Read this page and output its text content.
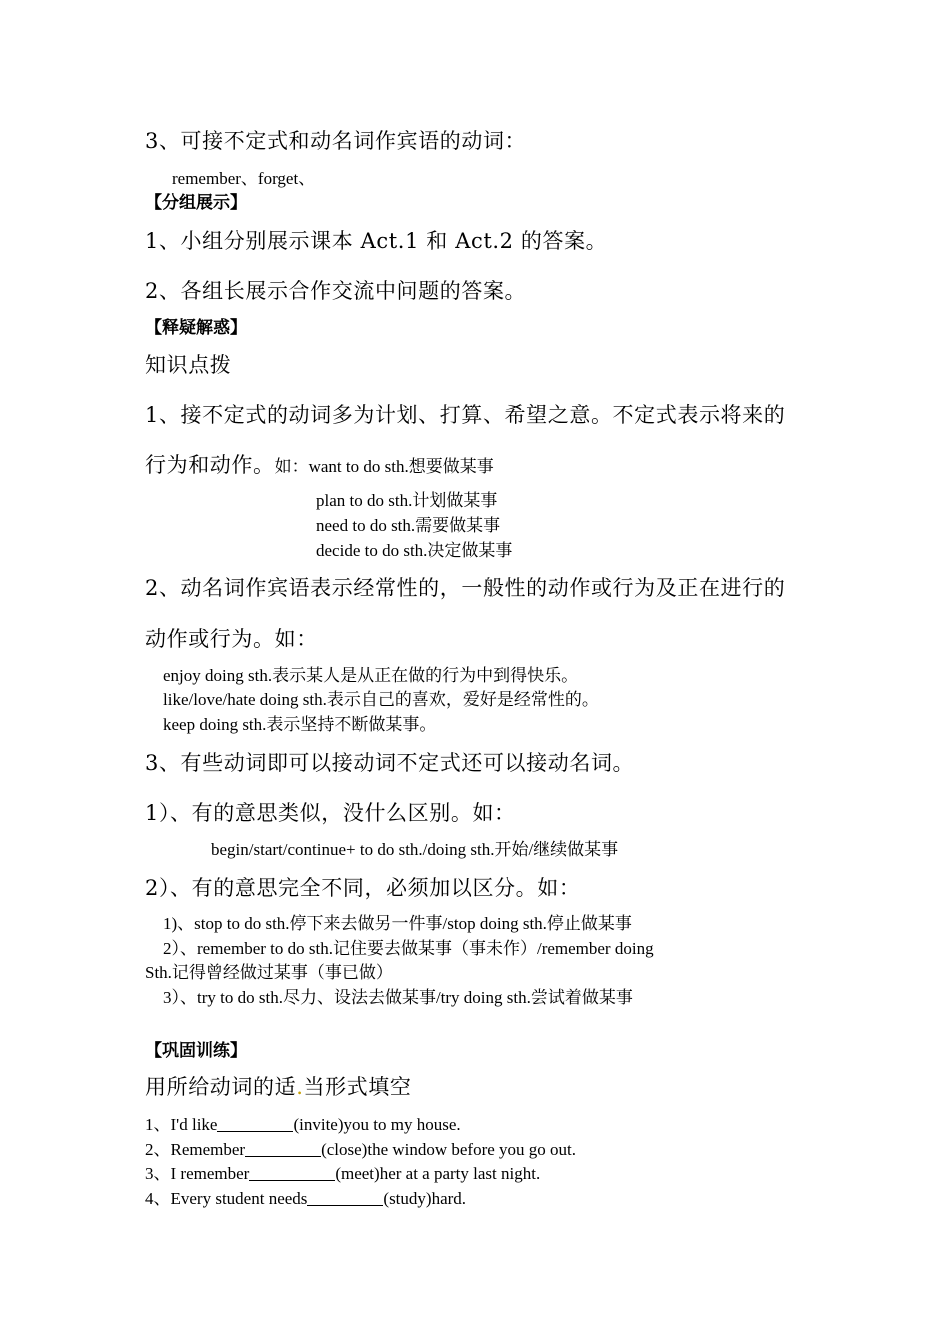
3、可接不定式和动名词作宾语的动词：
remember、forget、
【分组展示】
1、小组分别展示课本 Act.1 和 Act.2 的答案。
2、各组长展示合作交流中问题的答案。
【释疑解惑】
知识点拨
1、接不定式的动词多为计划、打算、希望之意。不定式表示将来的
行为和动作。如：want to do sth.想要做某事
plan to do sth.计划做某事
need to do sth.需要做某事
decide to do sth.决定做某事
2、动名词作宾语表示经常性的，一般性的动作或行为及正在进行的
动作或行为。如：
enjoy doing sth.表示某人是从正在做的行为中到得快乐。
like/love/hate doing sth.表示自己的喜欢，爱好是经常性的。
keep doing sth.表示坚持不断做某事。
3、有些动词即可以接动词不定式还可以接动名词。
1）、有的意思类似，没什么区别。如：
begin/start/continue+ to do sth./doing sth.开始/继续做某事
2）、有的意思完全不同，必须加以区分。如：
1)、stop to do sth.停下来去做另一件事/stop doing sth.停止做某事
2）、remember to do sth.记住要去做某事（事未作）/remember doing
Sth.记得曾经做过某事（事已做）
3）、try to do sth.尽力、设法去做某事/try doing sth.尝试着做某事
【巩固训练】
用所给动词的适.当形式填空
1、I'd like	(invite)you to my house.
2、Remember	(close)the window before you go out.
3、I remember	(meet)her at a party last night.
4、Every student needs	(study)hard.
